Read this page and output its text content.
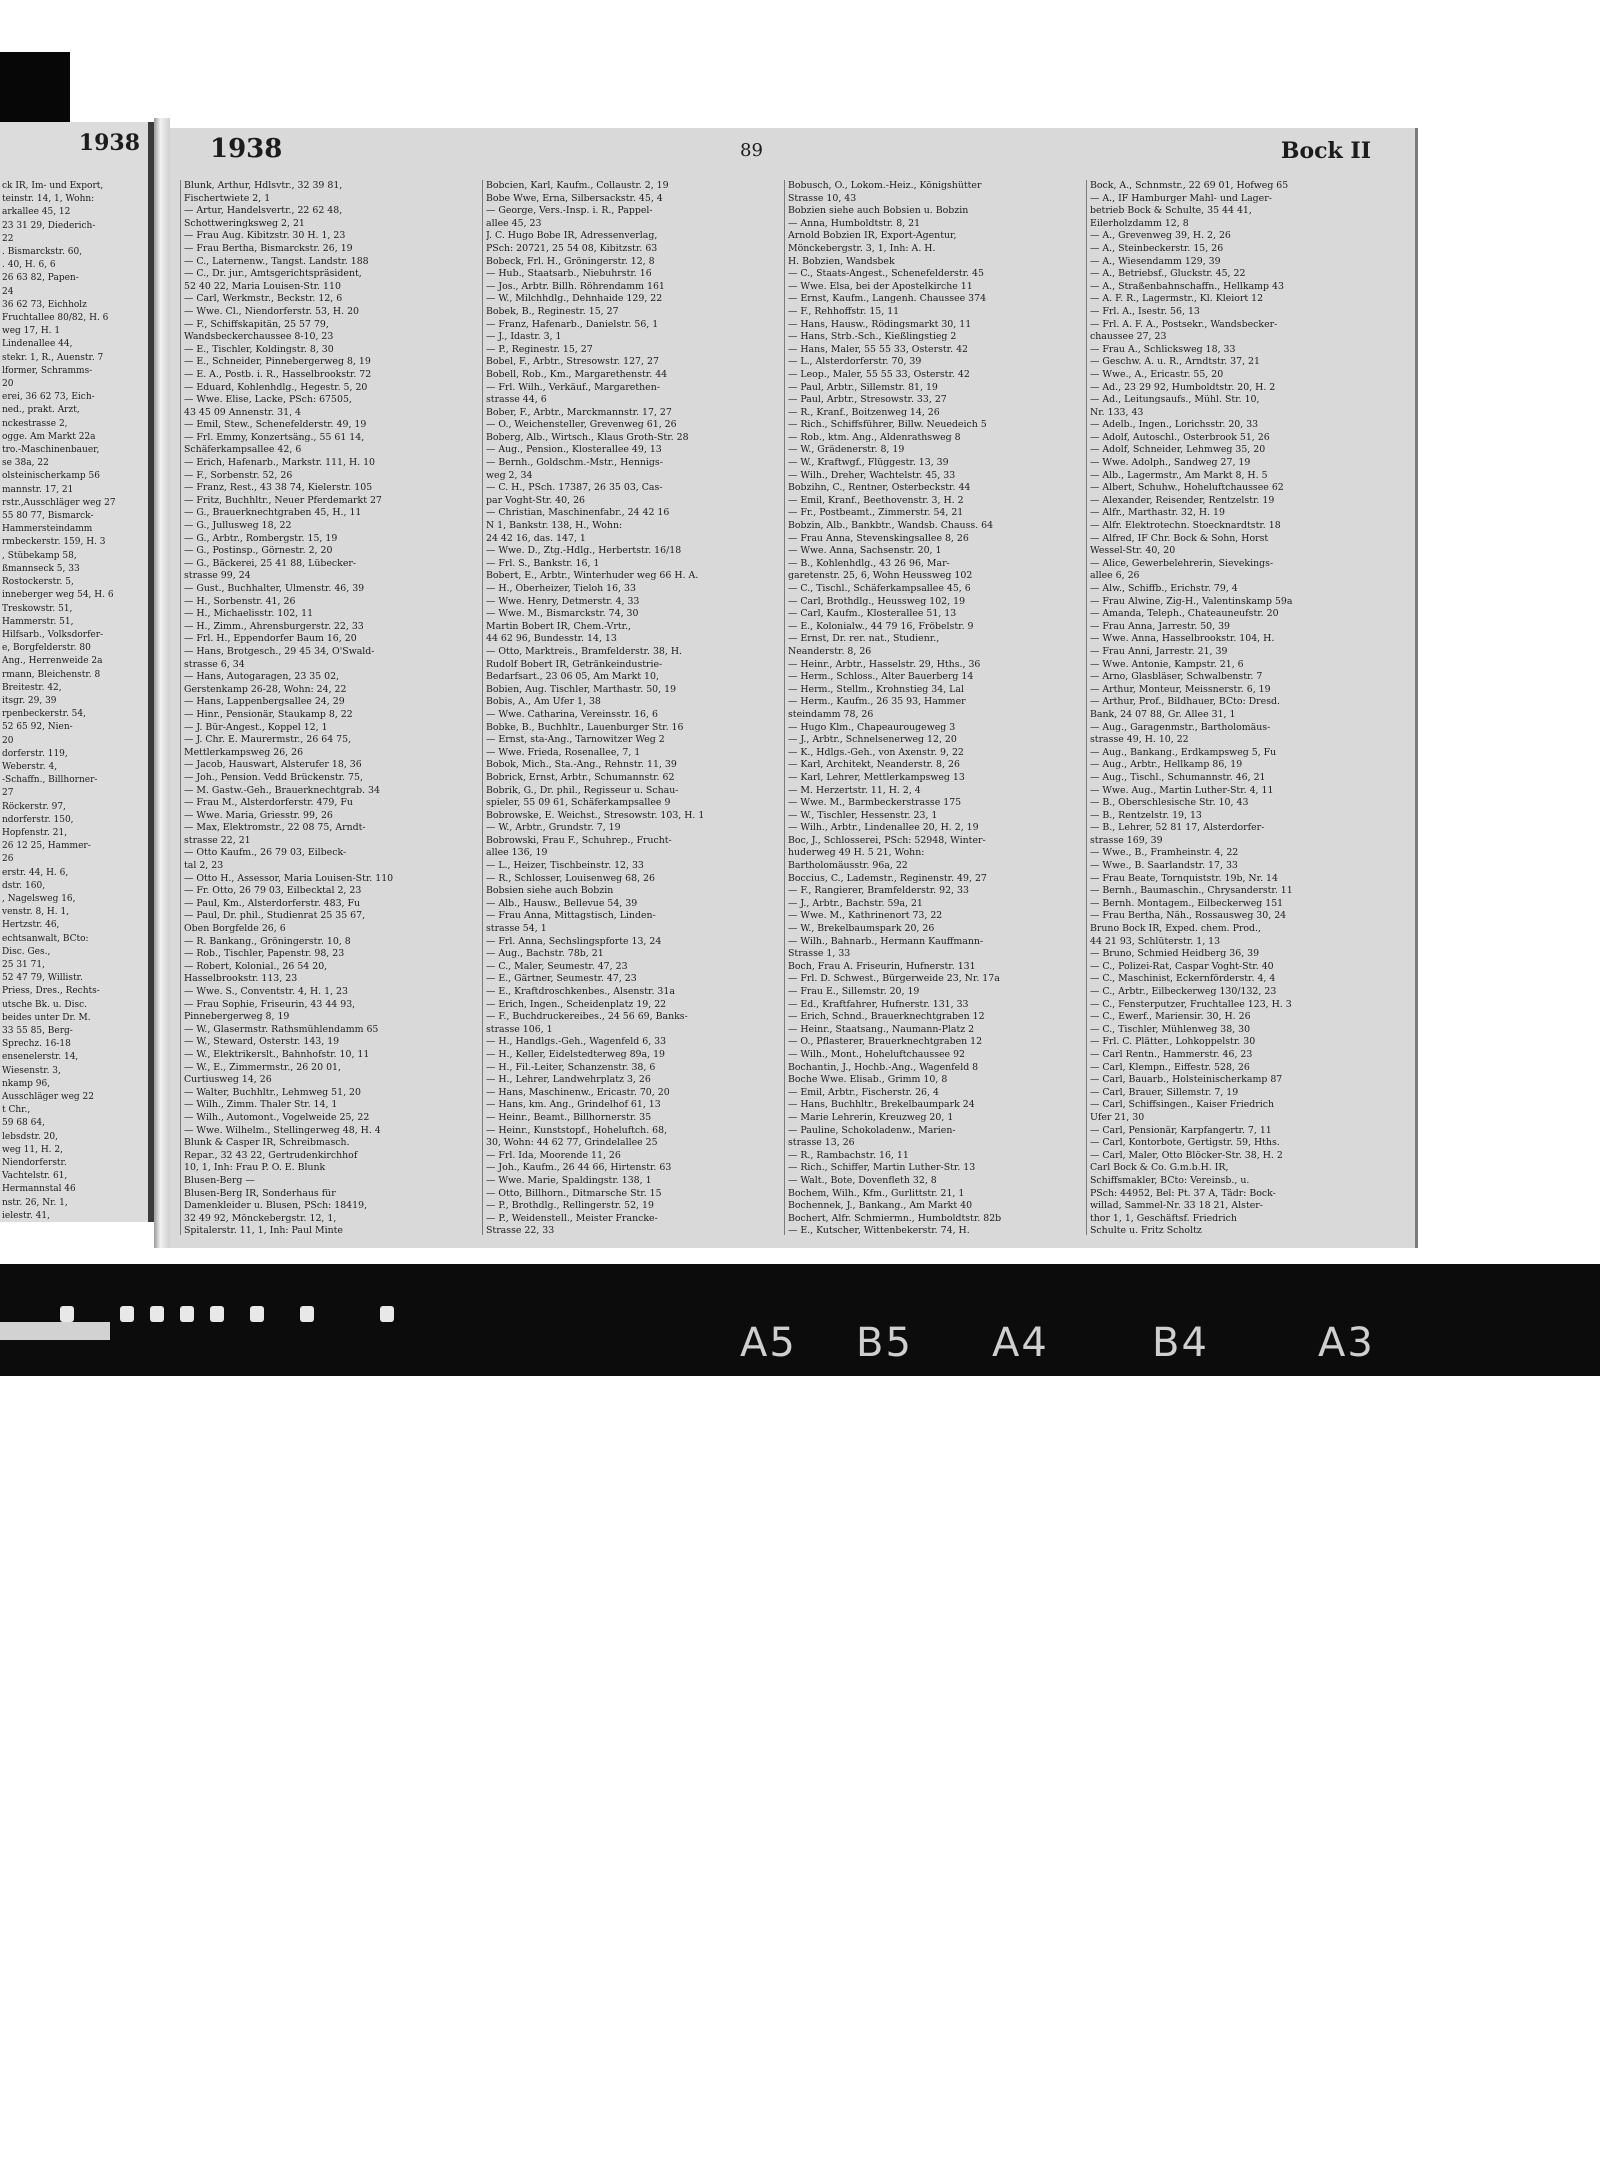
1938
ck IR, Im- und Export,
teinstr. 14, 1, Wohn:
arkallee 45, 12
23 31 29, Diederich-
22
. Bismarckstr. 60,
. 40, H. 6, 6
26 63 82, Papen-
24
36 62 73, Eichholz
Fruchtallee 80/82, H. 6
weg 17, H. 1
Lindenallee 44,
stekr. 1, R., Auenstr. 7
lformer, Schramms-
20
erei, 36 62 73, Eich-
ned., prakt. Arzt,
nckestrasse 2,
ogge. Am Markt 22a
tro.-Maschinenbauer,
se 38a, 22
olsteinischerkamp 56
mannstr. 17, 21
rstr.,Ausschläger weg 27
55 80 77, Bismarck-
Hammersteindamm
rmbeckerstr. 159, H. 3
, Stübekamp 58,
ßmannseck 5, 33
Rostockerstr. 5,
inneberger weg 54, H. 6
Treskowstr. 51,
Hammerstr. 51,
Hilfsarb., Volksdorfer-
e, Borgfelderstr. 80
Ang., Herrenweide 2a
rmann, Bleichenstr. 8
Breitestr. 42,
itsgr. 29, 39
rpenbeckerstr. 54,
52 65 92, Nien-
20
dorferstr. 119,
Weberstr. 4,
-Schaffn., Billhorner-
27
Röckerstr. 97,
ndorferstr. 150,
Hopfenstr. 21,
26 12 25, Hammer-
26
erstr. 44, H. 6,
dstr. 160,
, Nagelsweg 16,
venstr. 8, H. 1,
Hertzstr. 46,
echtsanwalt, BCto:
Disc. Ges.,
25 31 71,
52 47 79, Willistr.
Priess, Dres., Rechts-
utsche Bk. u. Disc.
beides unter Dr. M.
33 55 85, Berg-
Sprechz. 16-18
ensenelerstr. 14,
Wiesenstr. 3,
nkamp 96,
Ausschläger weg 22
t Chr.,
59 68 64,
lebsdstr. 20,
weg 11, H. 2,
Niendorferstr.
Vachtelstr. 61,
Hermannstal 46
nstr. 26, Nr. 1,
ielestr. 41,
1938	89	Bock II
Blunk, Arthur, Hdlsvtr., 32 39 81,
Fischertwiete 2, 1
— Artur, Handelsvertr., 22 62 48,
Schottweringksweg 2, 21
— Frau Aug. Kibitzstr. 30 H. 1, 23
— Frau Bertha, Bismarckstr. 26, 19
— C., Laternenw., Tangst. Landstr. 188
— C., Dr. jur., Amtsgerichtspräsident,
52 40 22, Maria Louisen-Str. 110
— Carl, Werkmstr., Beckstr. 12, 6
— Wwe. Cl., Niendorferstr. 53, H. 20
— F., Schiffskapitän, 25 57 79,
Wandsbeckerchaussee 8-10, 23
— E., Tischler, Koldingstr. 8, 30
— E., Schneider, Pinnebergerweg 8, 19
— E. A., Postb. i. R., Hasselbrookstr. 72
— Eduard, Kohlenhdlg., Hegestr. 5, 20
— Wwe. Elise, Lacke, PSch: 67505,
43 45 09 Annenstr. 31, 4
— Emil, Stew., Schenefelderstr. 49, 19
— Frl. Emmy, Konzertsäng., 55 61 14,
Schäferkampsallee 42, 6
— Erich, Hafenarb., Markstr. 111, H. 10
— F., Sorbenstr. 52, 26
— Franz, Rest., 43 38 74, Kielerstr. 105
— Fritz, Buchhltr., Neuer Pferdemarkt 27
— G., Brauerknechtgraben 45, H., 11
— G., Jullusweg 18, 22
— G., Arbtr., Rombergstr. 15, 19
— G., Postinsp., Görnestr. 2, 20
— G., Bäckerei, 25 41 88, Lübecker-
strasse 99, 24
— Gust., Buchhalter, Ulmenstr. 46, 39
— H., Sorbenstr. 41, 26
— H., Michaelisstr. 102, 11
— H., Zimm., Ahrensburgerstr. 22, 33
— Frl. H., Eppendorfer Baum 16, 20
— Hans, Brotgesch., 29 45 34, O'Swald-
strasse 6, 34
— Hans, Autogaragen, 23 35 02,
Gerstenkamp 26-28, Wohn: 24, 22
— Hans, Lappenbergsallee 24, 29
— Hinr., Pensionär, Staukamp 8, 22
— J. Bür-Angest., Koppel 12, 1
— J. Chr. E. Maurermstr., 26 64 75,
Mettlerkampsweg 26, 26
— Jacob, Hauswart, Alsterufer 18, 36
— Joh., Pension. Vedd Brückenstr. 75,
— M. Gastw.-Geh., Brauerknechtgrab. 34
— Frau M., Alsterdorferstr. 479, Fu
— Wwe. Maria, Griesstr. 99, 26
— Max, Elektromstr., 22 08 75, Arndt-
strasse 22, 21
— Otto Kaufm., 26 79 03, Eilbeck-
tal 2, 23
— Otto H., Assessor, Maria Louisen-Str. 110
— Fr. Otto, 26 79 03, Eilbecktal 2, 23
— Paul, Km., Alsterdorferstr. 483, Fu
— Paul, Dr. phil., Studienrat 25 35 67,
Oben Borgfelde 26, 6
— R. Bankang., Gröningerstr. 10, 8
— Rob., Tischler, Papenstr. 98, 23
— Robert, Kolonial., 26 54 20,
Hasselbrookstr. 113, 23
— Wwe. S., Conventstr. 4, H. 1, 23
— Frau Sophie, Friseurin, 43 44 93,
Pinnebergerweg 8, 19
— W., Glasermstr. Rathsmühlendamm 65
— W., Steward, Osterstr. 143, 19
— W., Elektrikerslt., Bahnhofstr. 10, 11
— W., E., Zimmermstr., 26 20 01,
Curtiusweg 14, 26
— Walter, Buchhltr., Lehmweg 51, 20
— Wilh., Zimm. Thaler Str. 14, 1
— Wilh., Automont., Vogelweide 25, 22
— Wwe. Wilhelm., Stellingerweg 48, H. 4
Blunk & Casper IR, Schreibmasch.
Repar., 32 43 22, Gertrudenkirchhof
10, 1, Inh: Frau P. O. E. Blunk
Blusen-Berg —
Blusen-Berg IR, Sonderhaus für
Damenkleider u. Blusen, PSch: 18419,
32 49 92, Mönckebergstr. 12, 1,
Spitalerstr. 11, 1, Inh: Paul Minte
Bobcien, Karl, Kaufm., Collaustr. 2, 19
Bobe Wwe, Erna, Silbersackstr. 45, 4
— George, Vers.-Insp. i. R., Pappel-
allee 45, 23
J. C. Hugo Bobe IR, Adressenverlag,
PSch: 20721, 25 54 08, Kibitzstr. 63
Bobeck, Frl. H., Gröningerstr. 12, 8
— Hub., Staatsarb., Niebuhrstr. 16
— Jos., Arbtr. Billh. Röhrendamm 161
— W., Milchhdlg., Dehnhaide 129, 22
Bobek, B., Reginestr. 15, 27
— Franz, Hafenarb., Danielstr. 56, 1
— J., Idastr. 3, 1
— P., Reginestr. 15, 27
Bobel, F., Arbtr., Stresowstr. 127, 27
Bobell, Rob., Km., Margarethenstr. 44
— Frl. Wilh., Verkäuf., Margarethen-
strasse 44, 6
Bober, F., Arbtr., Marckmannstr. 17, 27
— O., Weichensteller, Grevenweg 61, 26
Boberg, Alb., Wirtsch., Klaus Groth-Str. 28
— Aug., Pension., Klosterallee 49, 13
— Bernh., Goldschm.-Mstr., Hennigs-
weg 2, 34
— C. H., PSch. 17387, 26 35 03, Cas-
par Voght-Str. 40, 26
— Christian, Maschinenfabr., 24 42 16
N 1, Bankstr. 138, H., Wohn:
24 42 16, das. 147, 1
— Wwe. D., Ztg.-Hdlg., Herbertstr. 16/18
— Frl. S., Bankstr. 16, 1
Bobert, E., Arbtr., Winterhuder weg 66 H. A.
— H., Oberheizer, Tieloh 16, 33
— Wwe. Henry, Detmerstr. 4, 33
— Wwe. M., Bismarckstr. 74, 30
Martin Bobert IR, Chem.-Vrtr.,
44 62 96, Bundesstr. 14, 13
— Otto, Marktreis., Bramfelderstr. 38, H.
Rudolf Bobert IR, Getränkeindustrie-
Bedarfsart., 23 06 05, Am Markt 10,
Bobien, Aug. Tischler, Marthastr. 50, 19
Bobis, A., Am Ufer 1, 38
— Wwe. Catharina, Vereinsstr. 16, 6
Bobke, B., Buchhltr., Lauenburger Str. 16
— Ernst, sta-Ang., Tarnowitzer Weg 2
— Wwe. Frieda, Rosenallee, 7, 1
Bobok, Mich., Sta.-Ang., Rehnstr. 11, 39
Bobrick, Ernst, Arbtr., Schumannstr. 62
Bobrik, G., Dr. phil., Regisseur u. Schau-
spieler, 55 09 61, Schäferkampsallee 9
Bobrowske, E. Weichst., Stresowstr. 103, H. 1
— W., Arbtr., Grundstr. 7, 19
Bobrowski, Frau F., Schuhrep., Frucht-
allee 136, 19
— L., Heizer, Tischbeinstr. 12, 33
— R., Schlosser, Louisenweg 68, 26
Bobsien siehe auch Bobzin
— Alb., Hausw., Bellevue 54, 39
— Frau Anna, Mittagstisch, Linden-
strasse 54, 1
— Frl. Anna, Sechslingspforte 13, 24
— Aug., Bachstr. 78b, 21
— C., Maler, Seumestr. 47, 23
— E., Gärtner, Seumestr. 47, 23
— E., Kraftdroschkenbes., Alsenstr. 31a
— Erich, Ingen., Scheidenplatz 19, 22
— F., Buchdruckereibes., 24 56 69, Banks-
strasse 106, 1
— H., Handlgs.-Geh., Wagenfeld 6, 33
— H., Keller, Eidelstedterweg 89a, 19
— H., Fil.-Leiter, Schanzenstr. 38, 6
— H., Lehrer, Landwehrplatz 3, 26
— Hans, Maschinenw., Ericastr. 70, 20
— Hans, km. Ang., Grindelhof 61, 13
— Heinr., Beamt., Billhornerstr. 35
— Heinr., Kunststopf., Hoheluftch. 68,
30, Wohn: 44 62 77, Grindelallee 25
— Frl. Ida, Moorende 11, 26
— Joh., Kaufm., 26 44 66, Hirtenstr. 63
— Wwe. Marie, Spaldingstr. 138, 1
— Otto, Billhorn., Ditmarsche Str. 15
— P., Brothdlg., Rellingerstr. 52, 19
— P., Weidenstell., Meister Francke-
Strasse 22, 33
Bobusch, O., Lokom.-Heiz., Königshütter
Strasse 10, 43
Bobzien siehe auch Bobsien u. Bobzin
— Anna, Humboldtstr. 8, 21
Arnold Bobzien IR, Export-Agentur,
Mönckebergstr. 3, 1, Inh: A. H.
H. Bobzien, Wandsbek
— C., Staats-Angest., Schenefelderstr. 45
— Wwe. Elsa, bei der Apostelkirche 11
— Ernst, Kaufm., Langenh. Chaussee 374
— F., Rehhoffstr. 15, 11
— Hans, Hausw., Rödingsmarkt 30, 11
— Hans, Strb.-Sch., Kießlingstieg 2
— Hans, Maler, 55 55 33, Osterstr. 42
— L., Alsterdorferstr. 70, 39
— Leop., Maler, 55 55 33, Osterstr. 42
— Paul, Arbtr., Sillemstr. 81, 19
— Paul, Arbtr., Stresowstr. 33, 27
— R., Kranf., Boitzenweg 14, 26
— Rich., Schiffsführer, Billw. Neuedeich 5
— Rob., ktm. Ang., Aldenrathsweg 8
— W., Grädenerstr. 8, 19
— W., Kraftwgf., Flüggestr. 13, 39
— Wilh., Dreher, Wachtelstr. 45, 33
Bobzihn, C., Rentner, Osterbeckstr. 44
— Emil, Kranf., Beethovenstr. 3, H. 2
— Fr., Postbeamt., Zimmerstr. 54, 21
Bobzin, Alb., Bankbtr., Wandsb. Chauss. 64
— Frau Anna, Stevenskingsallee 8, 26
— Wwe. Anna, Sachsenstr. 20, 1
— B., Kohlenhdlg., 43 26 96, Mar-
garetenstr. 25, 6, Wohn Heussweg 102
— C., Tischl., Schäferkampsallee 45, 6
— Carl, Brothdlg., Heussweg 102, 19
— Carl, Kaufm., Klosterallee 51, 13
— E., Kolonialw., 44 79 16, Fröbelstr. 9
— Ernst, Dr. rer. nat., Studienr.,
Neanderstr. 8, 26
— Heinr., Arbtr., Hasselstr. 29, Hths., 36
— Herm., Schloss., Alter Bauerberg 14
— Herm., Stellm., Krohnstieg 34, Lal
— Herm., Kaufm., 26 35 93, Hammer
steindamm 78, 26
— Hugo Klm., Chapeaurougeweg 3
— J., Arbtr., Schnelsenerweg 12, 20
— K., Hdlgs.-Geh., von Axenstr. 9, 22
— Karl, Architekt, Neanderstr. 8, 26
— Karl, Lehrer, Mettlerkampsweg 13
— M. Herzertstr. 11, H. 2, 4
— Wwe. M., Barmbeckerstrasse 175
— W., Tischler, Hessenstr. 23, 1
— Wilh., Arbtr., Lindenallee 20, H. 2, 19
Boc, J., Schlosserei, PSch: 52948, Winter-
huderweg 49 H. 5 21, Wohn:
Bartholomäusstr. 96a, 22
Boccius, C., Lademstr., Reginenstr. 49, 27
— F., Rangierer, Bramfelderstr. 92, 33
— J., Arbtr., Bachstr. 59a, 21
— Wwe. M., Kathrinenort 73, 22
— W., Brekelbaumspark 20, 26
— Wilh., Bahnarb., Hermann Kauffmann-
Strasse 1, 33
Boch, Frau A. Friseurin, Hufnerstr. 131
— Frl. D. Schwest., Bürgerweide 23, Nr. 17a
— Frau E., Sillemstr. 20, 19
— Ed., Kraftfahrer, Hufnerstr. 131, 33
— Erich, Schnd., Brauerknechtgraben 12
— Heinr., Staatsang., Naumann-Platz 2
— O., Pflasterer, Brauerknechtgraben 12
— Wilh., Mont., Hoheluftchaussee 92
Bochantin, J., Hochb.-Ang., Wagenfeld 8
Boche Wwe. Elisab., Grimm 10, 8
— Emil, Arbtr., Fischerstr. 26, 4
— Hans, Buchhltr., Brekelbaumpark 24
— Marie Lehrerin, Kreuzweg 20, 1
— Pauline, Schokoladenw., Marien-
strasse 13, 26
— R., Rambachstr. 16, 11
— Rich., Schiffer, Martin Luther-Str. 13
— Walt., Bote, Dovenfleth 32, 8
Bochem, Wilh., Kfm., Gurlittstr. 21, 1
Bochennek, J., Bankang., Am Markt 40
Bochert, Alfr. Schmiermn., Humboldtstr. 82b
— E., Kutscher, Wittenbekerstr. 74, H.
Bock, A., Schnmstr., 22 69 01, Hofweg 65
— A., IF Hamburger Mahl- und Lager-
betrieb Bock & Schulte, 35 44 41,
Eilerholzdamm 12, 8
— A., Grevenweg 39, H. 2, 26
— A., Steinbeckerstr. 15, 26
— A., Wiesendamm 129, 39
— A., Betriebsf., Gluckstr. 45, 22
— A., Straßenbahnschaffn., Hellkamp 43
— A. F. R., Lagermstr., Kl. Kleiort 12
— Frl. A., Isestr. 56, 13
— Frl. A. F. A., Postsekr., Wandsbecker-
chaussee 27, 23
— Frau A., Schlicksweg 18, 33
— Geschw. A. u. R., Arndtstr. 37, 21
— Wwe., A., Ericastr. 55, 20
— Ad., 23 29 92, Humboldtstr. 20, H. 2
— Ad., Leitungsaufs., Mühl. Str. 10,
Nr. 133, 43
— Adelb., Ingen., Lorichsstr. 20, 33
— Adolf, Autoschl., Osterbrook 51, 26
— Adolf, Schneider, Lehmweg 35, 20
— Wwe. Adolph., Sandweg 27, 19
— Alb., Lagermstr., Am Markt 8, H. 5
— Albert, Schuhw., Hoheluftchaussee 62
— Alexander, Reisender, Rentzelstr. 19
— Alfr., Marthastr. 32, H. 19
— Alfr. Elektrotechn. Stoecknardtstr. 18
— Alfred, IF Chr. Bock & Sohn, Horst
Wessel-Str. 40, 20
— Alice, Gewerbelehrerin, Sievekings-
allee 6, 26
— Alw., Schiffb., Erichstr. 79, 4
— Frau Alwine, Zig-H., Valentinskamp 59a
— Amanda, Teleph., Chateauneufstr. 20
— Frau Anna, Jarrestr. 50, 39
— Wwe. Anna, Hasselbrookstr. 104, H.
— Frau Anni, Jarrestr. 21, 39
— Wwe. Antonie, Kampstr. 21, 6
— Arno, Glasbläser, Schwalbenstr. 7
— Arthur, Monteur, Meissnerstr. 6, 19
— Arthur, Prof., Bildhauer, BCto: Dresd.
Bank, 24 07 88, Gr. Allee 31, 1
— Aug., Garagenmstr., Bartholomäus-
strasse 49, H. 10, 22
— Aug., Bankang., Erdkampsweg 5, Fu
— Aug., Arbtr., Hellkamp 86, 19
— Aug., Tischl., Schumannstr. 46, 21
— Wwe. Aug., Martin Luther-Str. 4, 11
— B., Oberschlesische Str. 10, 43
— B., Rentzelstr. 19, 13
— B., Lehrer, 52 81 17, Alsterdorfer-
strasse 169, 39
— Wwe., B., Framheinstr. 4, 22
— Wwe., B. Saarlandstr. 17, 33
— Frau Beate, Tornquiststr. 19b, Nr. 14
— Bernh., Baumaschin., Chrysanderstr. 11
— Bernh. Montagem., Eilbeckerweg 151
— Frau Bertha, Näh., Rossausweg 30, 24
Bruno Bock IR, Exped. chem. Prod.,
44 21 93, Schlüterstr. 1, 13
— Bruno, Schmied Heidberg 36, 39
— C., Polizei-Rat, Caspar Voght-Str. 40
— C., Maschinist, Eckernförderstr. 4, 4
— C., Arbtr., Eilbeckerweg 130/132, 23
— C., Fensterputzer, Fruchtallee 123, H. 3
— C., Ewerf., Mariensir. 30, H. 26
— C., Tischler, Mühlenweg 38, 30
— Frl. C. Plätter., Lohkoppelstr. 30
— Carl Rentn., Hammerstr. 46, 23
— Carl, Klempn., Eiffestr. 528, 26
— Carl, Bauarb., Holsteinischerkamp 87
— Carl, Brauer, Sillemstr. 7, 19
— Carl, Schiffsingen., Kaiser Friedrich
Ufer 21, 30
— Carl, Pensionär, Karpfangertr. 7, 11
— Carl, Kontorbote, Gertigstr. 59, Hths.
— Carl, Maler, Otto Blöcker-Str. 38, H. 2
Carl Bock & Co. G.m.b.H. IR,
Schiffsmakler, BCto: Vereinsb., u.
PSch: 44952, Bel: Pt. 37 A, Tädr: Bock-
willad, Sammel-Nr. 33 18 21, Alster-
thor 1, 1, Geschäftsf. Friedrich
Schulte u. Fritz Scholtz
A5 B5 A4	B4	A3
